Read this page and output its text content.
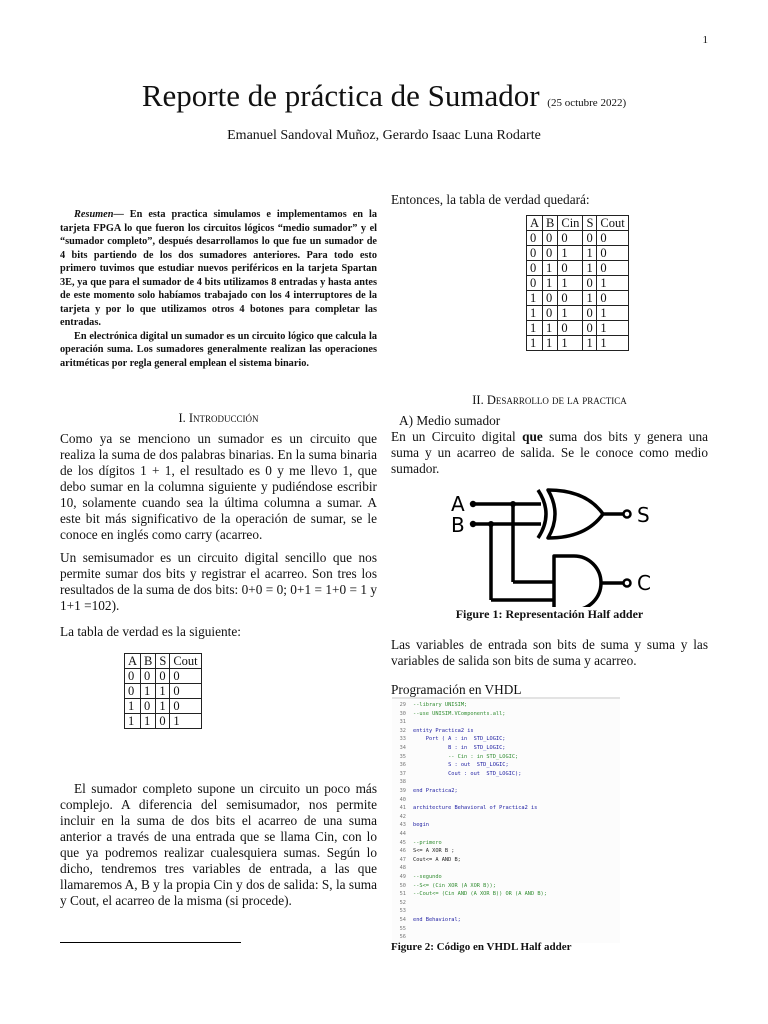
1
Reporte de práctica de Sumador (25 octubre 2022)
Emanuel Sandoval Muñoz, Gerardo Isaac Luna Rodarte

Resumen— En esta practica simulamos e implementamos en la tarjeta FPGA lo que fueron los circuitos lógicos “medio sumador” y el “sumador completo”, después desarrollamos lo que fue un sumador de 4 bits partiendo de los dos sumadores anteriores. Para todo esto primero tuvimos que estudiar nuevos periféricos en la tarjeta Spartan 3E, ya que para el sumador de 4 bits utilizamos 8 entradas y hasta antes de este momento solo habíamos trabajado con los 4 interruptores de la tarjeta y por lo que utilizamos otros 4 botones para completar las entradas.

En electrónica digital un sumador es un circuito lógico que calcula la operación suma. Los sumadores generalmente realizan las operaciones aritméticas por regla general emplean el sistema binario.

I. Introducción
Como ya se menciono un sumador es un circuito que realiza la suma de dos palabras binarias. En la suma binaria de los dígitos 1 + 1, el resultado es 0 y me llevo 1, que debo sumar en la columna siguiente y pudiéndose escribir 10, solamente cuando sea la última columna a sumar. A este bit más significativo de la operación de sumar, se le conoce en inglés como carry (acarreo.
Un semisumador es un circuito digital sencillo que nos permite sumar dos bits y registrar el acarreo. Son tres los resultados de la suma de dos bits: 0+0 = 0; 0+1 = 1+0 = 1 y 1+1 =102).
La tabla de verdad es la siguiente:
A	B	S	Cout
0	0	0	0
0	1	1	0
1	0	1	0
1	1	0	1
El sumador completo supone un circuito un poco más complejo. A diferencia del semisumador, nos permite incluir en la suma de dos bits el acarreo de una suma anterior a través de una entrada que se llama Cin, con lo que ya podremos realizar cualesquiera sumas. Según lo dicho, tendremos tres variables de entrada, a las que llamaremos A, B y la propia Cin y dos de salida: S, la suma y Cout, el acarreo de la misma (si procede).
Entonces, la tabla de verdad quedará:
A	B	Cin	S	Cout
0	0	0	0	0
0	0	1	1	0
0	1	0	1	0
0	1	1	0	1
1	0	0	1	0
1	0	1	0	1
1	1	0	0	1
1	1	1	1	1
II. Desarrollo de la practica
A) Medio sumador
En un Circuito digital que suma dos bits y genera una suma y un acarreo de salida. Se le conoce como medio sumador.
A
B	S
C
Figure 1: Representación Half adder
Las variables de entrada son bits de suma y suma y las variables de salida son bits de suma y acarreo.
Programación en VHDL
29 --library UNISIM;
30 --use UNISIM.VComponents.all;
31
32 entity Practica2 is
33 Port ( A : in  STD_LOGIC;
34 B : in  STD_LOGIC;
35 -- Cin : in STD_LOGIC;
36 S : out  STD_LOGIC;
37 Cout : out  STD_LOGIC);
38
39 end Practica2;
40
41 architecture Behavioral of Practica2 is
42
43 begin
44
45 --primero
46 S<= A XOR B ;
47 Cout<= A AND B;
48
49 --segundo
50 --S<= (Cin XOR (A XOR B));
51 --Cout<= (Cin AND (A XOR B)) OR (A AND B);
52
53
54 end Behavioral;
55
56
Figure 2: Código en VHDL Half adder
